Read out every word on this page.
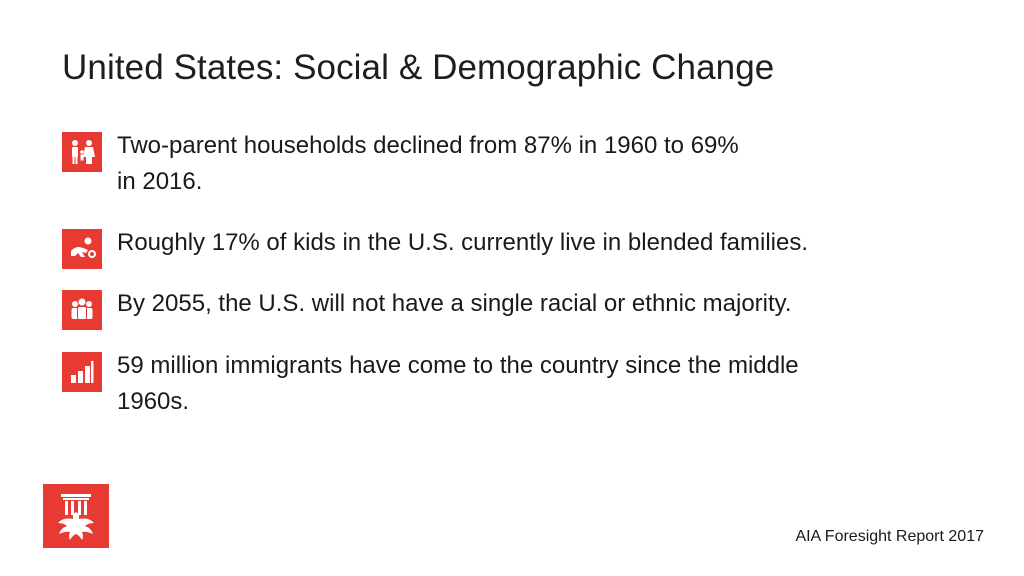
United States: Social & Demographic Change
Two-parent households declined from 87% in 1960 to 69%
in 2016.
Roughly 17% of kids in the U.S. currently live in blended families.
By 2055, the U.S. will not have a single racial or ethnic majority.
59 million immigrants have come to the country since the middle
1960s.
AIA Foresight Report 2017
